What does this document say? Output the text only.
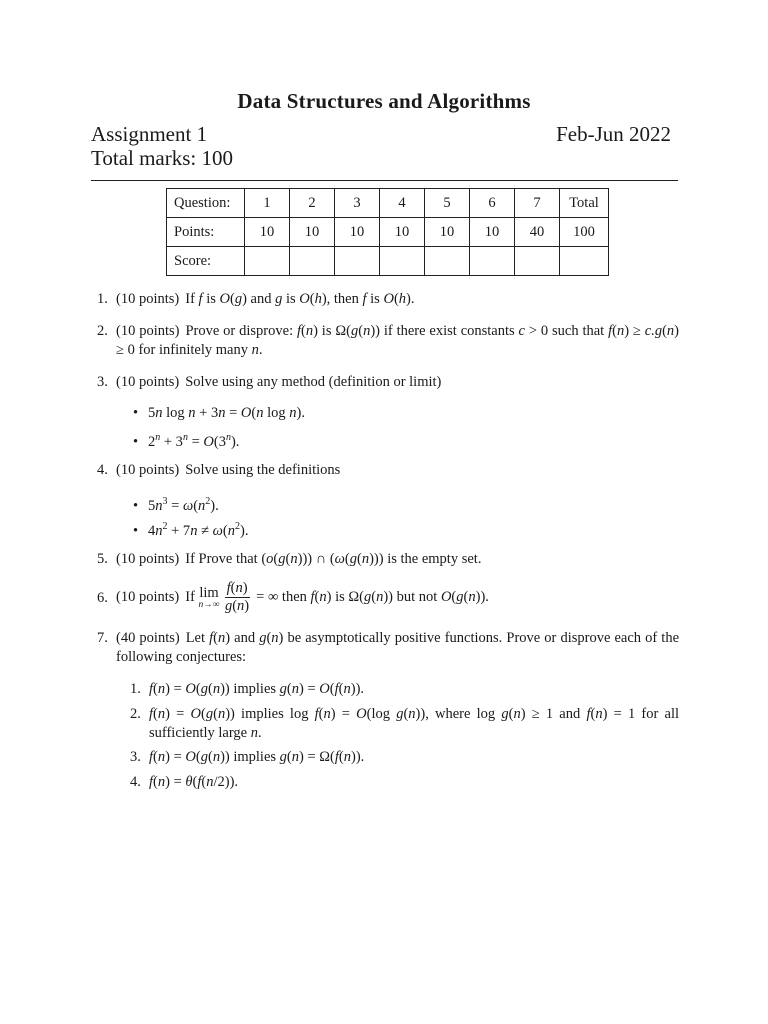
Data Structures and Algorithms
Assignment 1
Total marks: 100
Feb-Jun 2022
Question:	1	2	3	4	5	6	7	Total
Points:	10	10	10	10	10	10	40	100
Score:								
1. (10 points) If f is O(g) and g is O(h), then f is O(h).
2. (10 points) Prove or disprove: f(n) is Ω(g(n)) if there exist constants c > 0 such that f(n) ≥ c.g(n) ≥ 0 for infinitely many n.
3. (10 points) Solve using any method (definition or limit)
• 5n log n + 3n = O(n log n).
• $2^n + 3^n = O(3^n)$.
4. (10 points) Solve using the definitions
• $5n^3 = \omega(n^2)$.
• $4n^2 + 7n \ne \omega(n^2)$.
5. (10 points) If Prove that (o(g(n))) ∩ (ω(g(n))) is the empty set.
6. (10 points) If lim
$n\to\infty \frac{f(n)}{g(n)}$ = ∞ then f(n) is Ω(g(n)) but not O(g(n)).
7. (40 points) Let f(n) and g(n) be asymptotically positive functions. Prove or disprove each of the following conjectures:
1. f(n) = O(g(n)) implies g(n) = O(f(n)).
2. f(n) = O(g(n)) implies log f(n) = O(log g(n)), where log g(n) ≥ 1 and f(n) = 1 for all sufficiently large n.
3. f(n) = O(g(n)) implies g(n) = Ω(f(n)).
4. f(n) = θ(f(n/2)).
